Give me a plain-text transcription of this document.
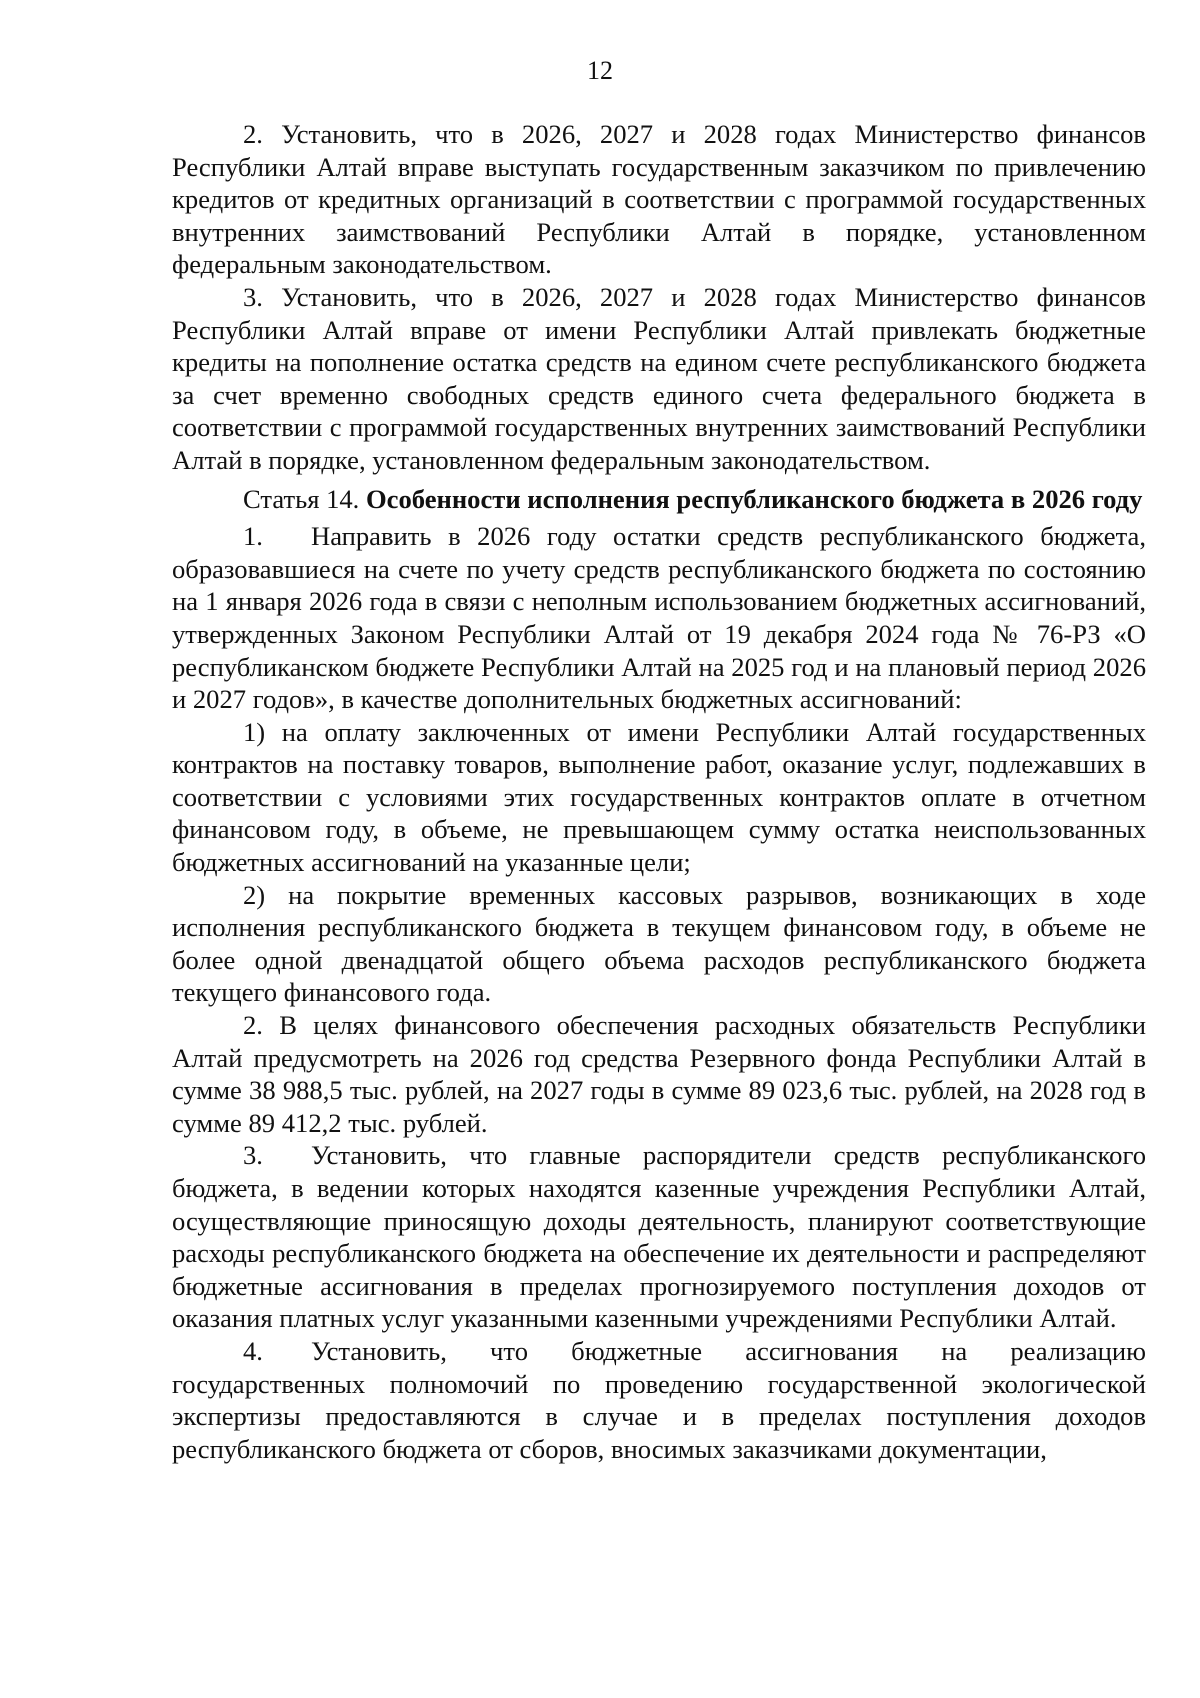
12

2. Установить, что в 2026, 2027 и 2028 годах Министерство финансов Республики Алтай вправе выступать государственным заказчиком по привлечению кредитов от кредитных организаций в соответствии с программой государственных внутренних заимствований Республики Алтай в порядке, установленном федеральным законодательством.

3. Установить, что в 2026, 2027 и 2028 годах Министерство финансов Республики Алтай вправе от имени Республики Алтай привлекать бюджетные кредиты на пополнение остатка средств на едином счете республиканского бюджета за счет временно свободных средств единого счета федерального бюджета в соответствии с программой государственных внутренних заимствований Республики Алтай в порядке, установленном федеральным законодательством.

Статья 14. Особенности исполнения республиканского бюджета в 2026 году

1. Направить в 2026 году остатки средств республиканского бюджета, образовавшиеся на счете по учету средств республиканского бюджета по состоянию на 1 января 2026 года в связи с неполным использованием бюджетных ассигнований, утвержденных Законом Республики Алтай от 19 декабря 2024 года № 76-РЗ «О республиканском бюджете Республики Алтай на 2025 год и на плановый период 2026 и 2027 годов», в качестве дополнительных бюджетных ассигнований:

1) на оплату заключенных от имени Республики Алтай государственных контрактов на поставку товаров, выполнение работ, оказание услуг, подлежавших в соответствии с условиями этих государственных контрактов оплате в отчетном финансовом году, в объеме, не превышающем сумму остатка неиспользованных бюджетных ассигнований на указанные цели;

2) на покрытие временных кассовых разрывов, возникающих в ходе исполнения республиканского бюджета в текущем финансовом году, в объеме не более одной двенадцатой общего объема расходов республиканского бюджета текущего финансового года.

2. В целях финансового обеспечения расходных обязательств Республики Алтай предусмотреть на 2026 год средства Резервного фонда Республики Алтай в сумме 38 988,5 тыс. рублей, на 2027 годы в сумме 89 023,6 тыс. рублей, на 2028 год в сумме 89 412,2 тыс. рублей.

3. Установить, что главные распорядители средств республиканского бюджета, в ведении которых находятся казенные учреждения Республики Алтай, осуществляющие приносящую доходы деятельность, планируют соответствующие расходы республиканского бюджета на обеспечение их деятельности и распределяют бюджетные ассигнования в пределах прогнозируемого поступления доходов от оказания платных услуг указанными казенными учреждениями Республики Алтай.

4. Установить, что бюджетные ассигнования на реализацию государственных полномочий по проведению государственной экологической экспертизы предоставляются в случае и в пределах поступления доходов республиканского бюджета от сборов, вносимых заказчиками документации,
